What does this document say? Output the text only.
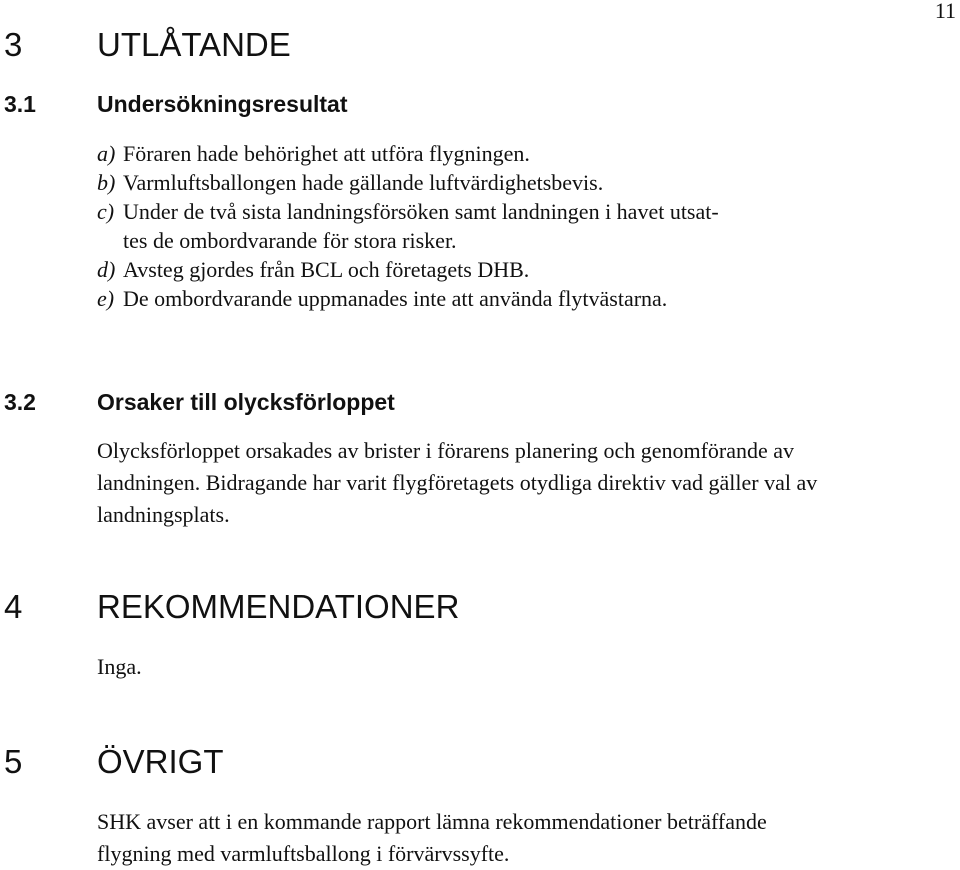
11
3 UTLÅTANDE
3.1	Undersökningsresultat
a) Föraren hade behörighet att utföra flygningen.
b) Varmluftsballongen hade gällande luftvärdighetsbevis.
c) Under de två sista landningsförsöken samt landningen i havet utsat-
tes de ombordvarande för stora risker.
d) Avsteg gjordes från BCL och företagets DHB.
e) De ombordvarande uppmanades inte att använda flytvästarna.
3.2	Orsaker till olycksförloppet
Olycksförloppet orsakades av brister i förarens planering och genomförande av
landningen. Bidragande har varit flygföretagets otydliga direktiv vad gäller val av
landningsplats.
4 REKOMMENDATIONER
Inga.
5 ÖVRIGT
SHK avser att i en kommande rapport lämna rekommendationer beträffande
flygning med varmluftsballong i förvärvssyfte.
